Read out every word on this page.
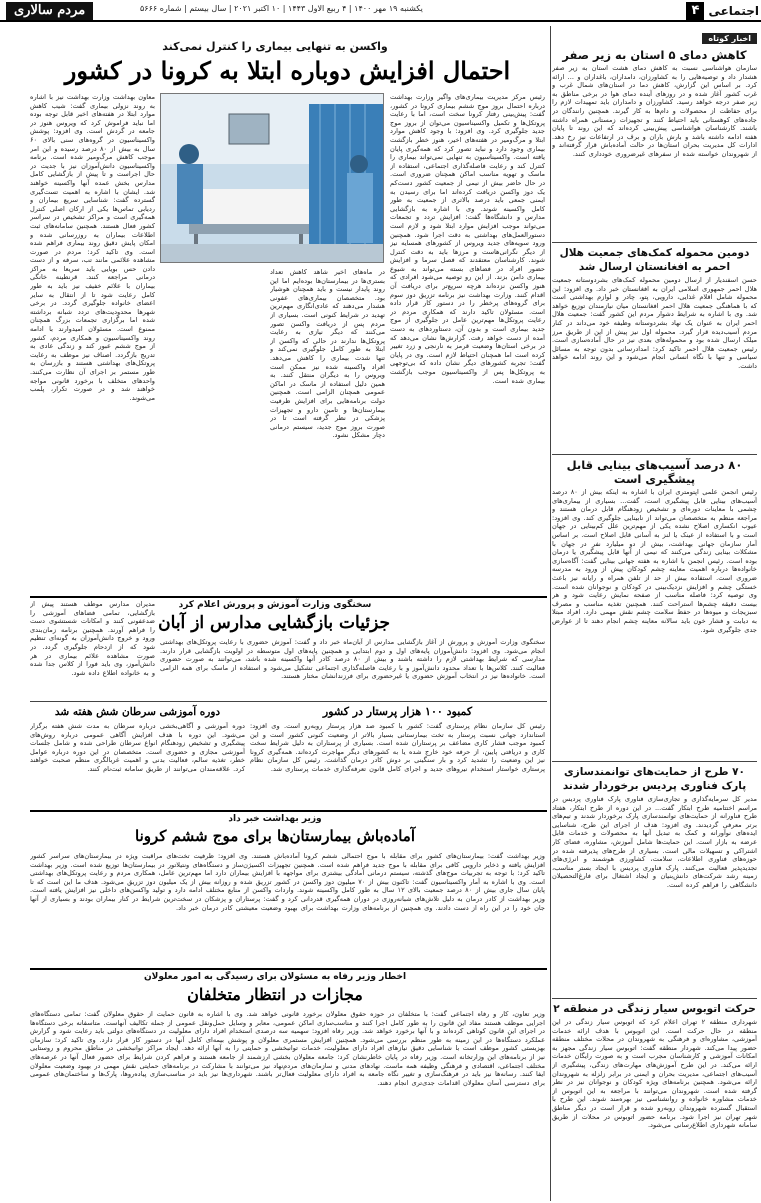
مردم سالاری	یکشنبه ۱۹ مهر ۱۴۰۰ | ۴ ربیع الاول ۱۴۴۳ | ۱۰ اکتبر ۲۰۲۱ | سال بیستم | شماره ۵۶۶۶	اجتماعی
۴
اخبار کوتاه
کاهش دمای ۵ استان به زیر صفر
سازمان هواشناسی نسبت به کاهش دمای هشت استان به زیر صفر هشدار داد و توصیه‌هایی را به کشاورزان، دامداران، باغداران و ... ارائه کرد. بر اساس این گزارش، کاهش دما در استان‌های شمال غرب و غرب کشور آغاز شده و در روزهای آینده دمای هوا در برخی مناطق به زیر صفر درجه خواهد رسید. کشاورزان و دامداران باید تمهیدات لازم را برای حفاظت از محصولات و دام‌ها به کار گیرند. همچنین رانندگان در جاده‌های کوهستانی باید احتیاط کنند و تجهیزات زمستانی همراه داشته باشند. کارشناسان هواشناسی پیش‌بینی کرده‌اند که این روند تا پایان هفته ادامه داشته باشد و بارش باران و برف در ارتفاعات نیز رخ دهد. ادارات کل مدیریت بحران استان‌ها در حالت آماده‌باش قرار گرفته‌اند و از شهروندان خواسته شده از سفرهای غیرضروری خودداری کنند.
دومین محموله کمک‌های جمعیت هلال احمر به افغانستان ارسال شد
حسن اسفندیار از ارسال دومین محموله کمک‌های بشردوستانه جمعیت هلال احمر جمهوری اسلامی ایران به افغانستان خبر داد. وی افزود: این محموله شامل اقلام غذایی، دارویی، پتو، چادر و لوازم بهداشتی است که با هماهنگی جمعیت هلال احمر افغانستان میان نیازمندان توزیع خواهد شد. وی با اشاره به شرایط دشوار مردم این کشور گفت: جمعیت هلال احمر ایران به عنوان یک نهاد بشردوستانه وظیفه خود می‌داند در کنار مردم آسیب‌دیده قرار گیرد. محموله اول نیز پیش از این از طریق مرز میلک ارسال شده بود و محموله‌های بعدی نیز در حال آماده‌سازی است. رئیس جمعیت هلال احمر تاکید کرد: امدادرسانی بدون توجه به مسائل سیاسی و تنها با نگاه انسانی انجام می‌شود و این روند ادامه خواهد داشت.
۸۰ درصد آسیب‌های بینایی قابل پیشگیری است
رئیس انجمن علمی اپتومتری ایران با اشاره به اینکه بیش از ۸۰ درصد آسیب‌های بینایی قابل پیشگیری است، گفت... بسیاری از بیماری‌های چشمی با معاینات دوره‌ای و تشخیص زودهنگام قابل درمان هستند و مراجعه منظم به متخصصان می‌تواند از نابینایی جلوگیری کند. وی افزود: عیوب انکساری اصلاح نشده یکی از مهم‌ترین علل کم‌بینایی در جهان است و با استفاده از عینک یا لنز به آسانی قابل اصلاح است. بر اساس آمار سازمان جهانی بهداشت، بیش از دو میلیارد نفر در جهان با مشکلات بینایی زندگی می‌کنند که نیمی از آنها قابل پیشگیری یا درمان بوده است. رئیس انجمن با اشاره به هفته جهانی بینایی گفت: آگاه‌سازی خانواده‌ها درباره اهمیت معاینه چشم کودکان پیش از ورود به مدرسه ضروری است. استفاده بیش از حد از تلفن همراه و رایانه نیز باعث خستگی چشم و افزایش نزدیک‌بینی در کودکان و نوجوانان شده است. وی توصیه کرد: فاصله مناسب از صفحه نمایش رعایت شود و هر بیست دقیقه چشم‌ها استراحت کنند. همچنین تغذیه مناسب و مصرف سبزیجات و میوه‌ها در حفظ سلامت چشم نقش مهمی دارد. افراد مبتلا به دیابت و فشار خون باید سالانه معاینه چشم انجام دهند تا از عوارض جدی جلوگیری شود.
۷۰ طرح از حمایت‌های توانمندسازی پارک فناوری پردیس برخوردار شدند
مدیر کل سرمایه‌گذاری و تجاری‌سازی فناوری پارک فناوری پردیس در مراسم اختتامیه طرح ابتکار گفت... در این دوره از طرح ابتکار، هفتاد طرح فناورانه از حمایت‌های توانمندسازی پارک برخوردار شدند و تیم‌های برتر معرفی گردیدند. وی افزود: هدف از اجرای این طرح، شناسایی ایده‌های نوآورانه و کمک به تبدیل آنها به محصولات و خدمات قابل عرضه به بازار است. این حمایت‌ها شامل آموزش، مشاوره، فضای کار اشتراکی و تسهیلات مالی است. بسیاری از طرح‌های پذیرفته شده در حوزه‌های فناوری اطلاعات، سلامت، کشاورزی هوشمند و انرژی‌های تجدیدپذیر فعالیت می‌کنند. پارک فناوری پردیس با ایجاد بستر مناسب، زمینه رشد شرکت‌های دانش‌بنیان و ایجاد اشتغال برای فارغ‌التحصیلان دانشگاهی را فراهم کرده است.
حرکت اتوبوس سیار زندگی در منطقه ۲
شهرداری منطقه ۲ تهران اعلام کرد که اتوبوس سیار زندگی در این منطقه در حال حرکت است. این اتوبوس با هدف ارائه خدمات آموزشی، مشاوره‌ای و فرهنگی به شهروندان در محلات مختلف منطقه حضور پیدا می‌کند. شهردار منطقه گفت: اتوبوس سیار زندگی مجهز به امکانات آموزشی و کارشناسان مجرب است و به صورت رایگان خدمات ارائه می‌کند. در این طرح آموزش‌های مهارت‌های زندگی، پیشگیری از آسیب‌های اجتماعی، مدیریت بحران و ایمنی در برابر زلزله به شهروندان ارائه می‌شود. همچنین برنامه‌های ویژه کودکان و نوجوانان نیز در نظر گرفته شده است. شهروندان می‌توانند با مراجعه به این اتوبوس از خدمات مشاوره خانواده و روانشناسی نیز بهره‌مند شوند. این طرح با استقبال گسترده شهروندان روبه‌رو شده و قرار است در دیگر مناطق شهر تهران نیز اجرا شود. برنامه حضور اتوبوس در محلات از طریق سامانه شهرداری اطلاع‌رسانی می‌شود.
واکسن به تنهایی بیماری را کنترل نمی‌کند
احتمال افزایش دوباره ابتلا به کرونا در کشور
رئیس مرکز مدیریت بیماری‌های واگیر وزارت بهداشت درباره احتمال بروز موج ششم بیماری کرونا در کشور، گفت: پیش‌بینی رفتار کرونا سخت است، اما با رعایت پروتکل‌ها و تکمیل واکسیناسیون می‌توان از بروز موج جدید جلوگیری کرد. وی افزود: با وجود کاهش موارد ابتلا و مرگ‌ومیر در هفته‌های اخیر، هنوز خطر بازگشت بیماری وجود دارد و نباید تصور کرد که همه‌گیری پایان یافته است. واکسیناسیون به تنهایی نمی‌تواند بیماری را کنترل کند و رعایت فاصله‌گذاری اجتماعی، استفاده از ماسک و تهویه مناسب اماکن همچنان ضروری است. در حال حاضر بیش از نیمی از جمعیت کشور دست‌کم یک دوز واکسن دریافت کرده‌اند اما برای رسیدن به ایمنی جمعی باید درصد بالاتری از جمعیت به طور کامل واکسینه شوند. وی با اشاره به بازگشایی مدارس و دانشگاه‌ها گفت: افزایش تردد و تجمعات می‌تواند موجب افزایش موارد ابتلا شود و لازم است دستورالعمل‌های بهداشتی به دقت اجرا شود. همچنین ورود سویه‌های جدید ویروس از کشورهای همسایه نیز از دیگر نگرانی‌هاست و مرزها باید به دقت کنترل شوند. کارشناسان معتقدند که فصل سرما و افزایش حضور افراد در فضاهای بسته می‌تواند به شیوع بیماری دامن بزند. از این رو توصیه می‌شود افرادی که هنوز واکسن نزده‌اند هرچه سریع‌تر برای دریافت آن اقدام کنند. وزارت بهداشت نیز برنامه تزریق دوز سوم برای گروه‌های پرخطر را در دستور کار قرار داده است. مسئولان تاکید دارند که همکاری مردم در رعایت پروتکل‌ها مهم‌ترین عامل در جلوگیری از موج جدید بیماری است و بدون آن، دستاوردهای به دست آمده از دست خواهد رفت. گزارش‌ها نشان می‌دهد که در برخی استان‌ها وضعیت قرمز به نارنجی و زرد تغییر کرده است اما همچنان احتیاط لازم است. وی در پایان گفت: تجربه کشورهای دیگر نشان داده که بی‌توجهی به پروتکل‌ها پس از واکسیناسیون موجب بازگشت بیماری شده است.
در ماه‌های اخیر شاهد کاهش تعداد بستری‌ها در بیمارستان‌ها بوده‌ایم اما این روند پایدار نیست و باید همچنان هوشیار بود. متخصصان بیماری‌های عفونی هشدار می‌دهند که عادی‌انگاری مهم‌ترین تهدید در شرایط کنونی است. بسیاری از مردم پس از دریافت واکسن تصور می‌کنند که دیگر نیازی به رعایت پروتکل‌ها ندارند در حالی که واکسن از ابتلا به طور کامل جلوگیری نمی‌کند و تنها شدت بیماری را کاهش می‌دهد. افراد واکسینه شده نیز ممکن است ویروس را به دیگران منتقل کنند. به همین دلیل استفاده از ماسک در اماکن عمومی همچنان الزامی است. همچنین دولت برنامه‌هایی برای افزایش ظرفیت بیمارستان‌ها و تامین دارو و تجهیزات پزشکی در نظر گرفته است تا در صورت بروز موج جدید، سیستم درمانی دچار مشکل نشود.
معاون بهداشت وزارت بهداشت نیز با اشاره به روند نزولی بیماری گفت: شیب کاهش موارد ابتلا در هفته‌های اخیر قابل توجه بوده اما نباید فراموش کرد که ویروس هنوز در جامعه در گردش است. وی افزود: پوشش واکسیناسیون در گروه‌های سنی بالای ۶۰ سال به بیش از ۸۰ درصد رسیده و این امر موجب کاهش مرگ‌ومیر شده است. برنامه واکسیناسیون دانش‌آموزان نیز با جدیت در حال اجراست و تا پیش از بازگشایی کامل مدارس بخش عمده آنها واکسینه خواهند شد. ایشان با اشاره به اهمیت تست‌گیری گسترده گفت: شناسایی سریع بیماران و ردیابی تماس‌ها یکی از ارکان اصلی کنترل همه‌گیری است و مراکز تشخیص در سراسر کشور فعال هستند. همچنین سامانه‌های ثبت اطلاعات بیماران به روزرسانی شده و امکان پایش دقیق روند بیماری فراهم شده است. وی تاکید کرد: مردم در صورت مشاهده علائمی مانند تب، سرفه و از دست دادن حس بویایی باید سریعا به مراکز درمانی مراجعه کنند. قرنطینه خانگی بیماران با علائم خفیف نیز باید به طور کامل رعایت شود تا از انتقال به سایر اعضای خانواده جلوگیری گردد. در برخی شهرها محدودیت‌های تردد شبانه برداشته شده اما برگزاری تجمعات بزرگ همچنان ممنوع است. مسئولان امیدوارند با ادامه روند واکسیناسیون و همکاری مردم، کشور از موج ششم عبور کند و زندگی عادی به تدریج بازگردد. اصناف نیز موظف به رعایت پروتکل‌های بهداشتی هستند و بازرسان به طور مستمر بر اجرای آن نظارت می‌کنند. واحدهای متخلف با برخورد قانونی مواجه خواهند شد و در صورت تکرار، پلمب می‌شوند.
سخنگوی وزارت آموزش و پرورش اعلام کرد
جزئیات بازگشایی مدارس از آبان
سخنگوی وزارت آموزش و پرورش از آغاز بازگشایی مدارس از آبان‌ماه خبر داد و گفت: آموزش حضوری با رعایت پروتکل‌های بهداشتی انجام می‌شود. وی افزود: دانش‌آموزان پایه‌های اول و دوم ابتدایی و همچنین پایه‌های اول متوسطه در اولویت بازگشایی قرار دارند. مدارسی که شرایط بهداشتی لازم را داشته باشند و بیش از ۸۰ درصد کادر آنها واکسینه شده باشد، می‌توانند به صورت حضوری فعالیت کنند. کلاس‌ها با تعداد محدود دانش‌آموز و با رعایت فاصله‌گذاری اجتماعی تشکیل می‌شود و استفاده از ماسک برای همه الزامی است. خانواده‌ها نیز در انتخاب آموزش حضوری یا غیرحضوری برای فرزندانشان مختار هستند.
مدیران مدارس موظف هستند پیش از بازگشایی، تمامی فضاهای آموزشی را ضدعفونی کنند و امکانات شستشوی دست را فراهم آورند. همچنین برنامه زمان‌بندی ورود و خروج دانش‌آموزان به گونه‌ای تنظیم شود که از ازدحام جلوگیری گردد. در صورت مشاهده علائم بیماری در هر دانش‌آموز، وی باید فورا از کلاس جدا شده و به خانواده اطلاع داده شود.
کمبود ۱۰۰ هزار پرستار در کشور
رئیس کل سازمان نظام پرستاری گفت: کشور با کمبود صد هزار پرستار روبه‌رو است. وی افزود: استاندارد جهانی نسبت پرستار به تخت بیمارستانی بسیار بالاتر از وضعیت کنونی کشور است و این کمبود موجب فشار کاری مضاعف بر پرستاران شده است. بسیاری از پرستاران به دلیل شرایط سخت کاری و دریافتی پایین، از حرفه خود خارج شده یا به کشورهای دیگر مهاجرت کرده‌اند. همه‌گیری کرونا نیز این وضعیت را تشدید کرد و بار سنگینی بر دوش کادر درمان گذاشت. رئیس کل سازمان نظام پرستاری خواستار استخدام نیروهای جدید و اجرای کامل قانون تعرفه‌گذاری خدمات پرستاری شد.
دوره آموزشی سرطان شش هفته شد
دوره آموزشی و آگاهی‌بخشی درباره سرطان به مدت شش هفته برگزار می‌شود. این دوره با هدف افزایش آگاهی عمومی درباره روش‌های پیشگیری و تشخیص زودهنگام انواع سرطان طراحی شده و شامل جلسات آموزشی مجازی و حضوری است. متخصصان در این دوره درباره عوامل خطر، تغذیه سالم، فعالیت بدنی و اهمیت غربالگری منظم صحبت خواهند کرد. علاقه‌مندان می‌توانند از طریق سامانه ثبت‌نام کنند.
وزیر بهداشت خبر داد
آماده‌باش بیمارستان‌ها برای موج ششم کرونا
وزیر بهداشت گفت: بیمارستان‌های کشور برای مقابله با موج احتمالی ششم کرونا آماده‌باش هستند. وی افزود: ظرفیت تخت‌های مراقبت ویژه در بیمارستان‌های سراسر کشور افزایش یافته و ذخایر دارویی کافی برای مقابله با موج جدید فراهم شده است. همچنین تجهیزات اکسیژن‌ساز و دستگاه‌های ونتیلاتور در بیمارستان‌ها توزیع شده است. وزیر بهداشت تاکید کرد: با توجه به تجربیات موج‌های گذشته، سیستم درمانی آمادگی بیشتری برای مواجهه با افزایش بیماران دارد اما مهم‌ترین عامل، همکاری مردم و رعایت پروتکل‌های بهداشتی است. وی با اشاره به آمار واکسیناسیون گفت: تاکنون بیش از ۷۰ میلیون دوز واکسن در کشور تزریق شده و روزانه بیش از یک میلیون دوز تزریق می‌شود. هدف ما این است که تا پایان سال جاری بیش از ۸۰ درصد جمعیت بالای ۱۲ سال به طور کامل واکسینه شوند. واردات واکسن از منابع مختلف ادامه دارد و تولید واکسن‌های داخلی نیز افزایش یافته است. وزیر بهداشت از کادر درمان به دلیل تلاش‌های شبانه‌روزی در دوران همه‌گیری قدردانی کرد و گفت: پرستاران و پزشکان در سخت‌ترین شرایط در کنار بیماران بودند و بسیاری از آنها جان خود را در این راه از دست دادند. وی همچنین از برنامه‌های وزارت بهداشت برای بهبود وضعیت معیشتی کادر درمان خبر داد.
اخطار وزیر رفاه به مسئولان برای رسیدگی به امور معلولان
مجازات در انتظار متخلفان
وزیر تعاون، کار و رفاه اجتماعی گفت: با متخلفان در حوزه حقوق معلولان برخورد قانونی خواهد شد. وی با اشاره به قانون حمایت از حقوق معلولان گفت: تمامی دستگاه‌های اجرایی موظف هستند مفاد این قانون را به طور کامل اجرا کنند و مناسب‌سازی اماکن عمومی، معابر و وسایل حمل‌ونقل عمومی از جمله تکالیف آنهاست. متاسفانه برخی دستگاه‌ها در اجرای این قانون کوتاهی کرده‌اند و با آنها برخورد خواهد شد. وزیر رفاه افزود: سهمیه سه درصدی استخدام افراد دارای معلولیت در دستگاه‌های دولتی باید رعایت شود و گزارش عملکرد دستگاه‌ها در این زمینه به طور منظم بررسی می‌شود. همچنین افزایش مستمری معلولان و پوشش بیمه‌ای کامل آنها در دستور کار قرار دارد. وی تاکید کرد: سازمان بهزیستی کشور موظف است با شناسایی دقیق نیازهای افراد دارای معلولیت، خدمات توانبخشی و حمایتی را به آنها ارائه دهد. ایجاد مراکز توانبخشی در مناطق محروم و روستایی نیز از برنامه‌های این وزارتخانه است. وزیر رفاه در پایان خاطرنشان کرد: جامعه معلولان بخشی ارزشمند از جامعه هستند و فراهم کردن شرایط برای حضور فعال آنها در عرصه‌های مختلف اجتماعی، اقتصادی و فرهنگی وظیفه همه ماست. نهادهای مدنی و سازمان‌های مردم‌نهاد نیز می‌توانند با مشارکت در برنامه‌های حمایتی نقش مهمی در بهبود وضعیت معلولان ایفا کنند. رسانه‌ها نیز باید در فرهنگ‌سازی و تغییر نگاه جامعه به افراد دارای معلولیت فعال‌تر باشند. شهرداری‌ها نیز باید در مناسب‌سازی پیاده‌روها، پارک‌ها و ساختمان‌های عمومی برای دسترسی آسان معلولان اقدامات جدی‌تری انجام دهند.
